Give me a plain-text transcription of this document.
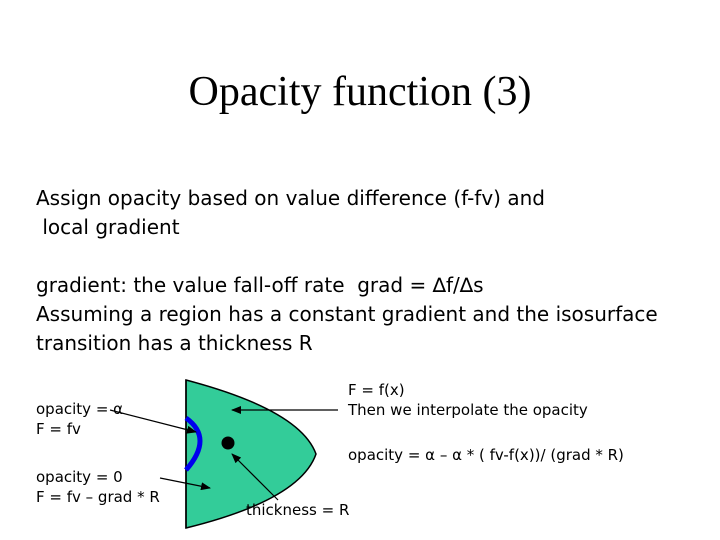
Opacity function (3)
Assign opacity based on value difference (f-fv) and
local gradient
gradient: the value fall-off rate  grad = ∆f/∆s
Assuming a region has a constant gradient and the isosurface
transition has a thickness R
opacity = α
F = fv
opacity = 0
F = fv – grad * R
F = f(x)
Then we interpolate the opacity
opacity = α – α * ( fv-f(x))/ (grad * R)
thickness = R
